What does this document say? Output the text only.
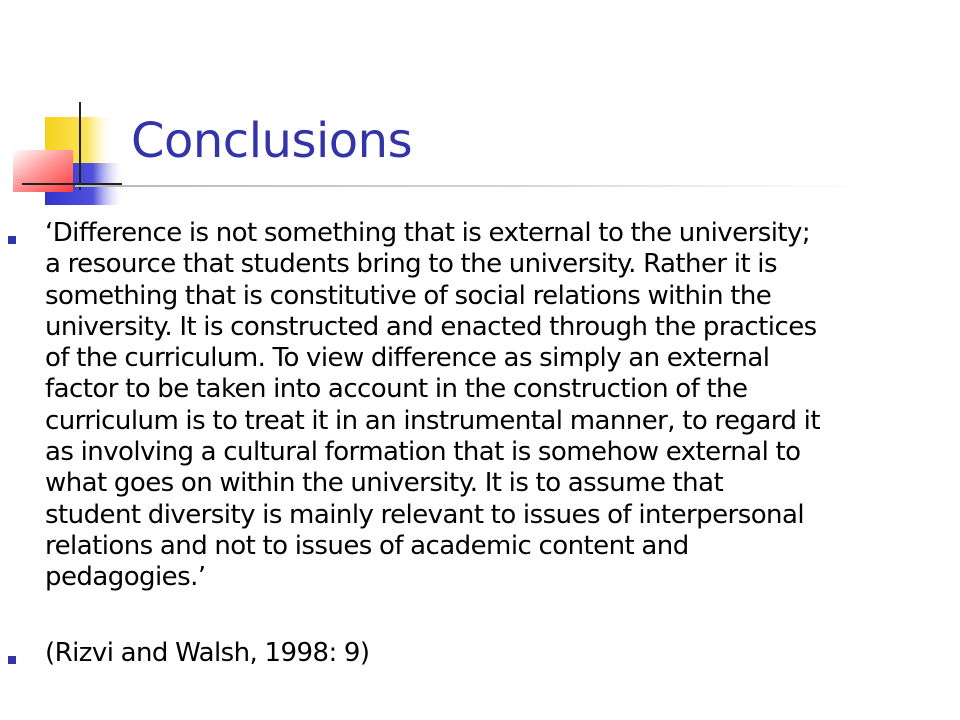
Conclusions
‘Difference is not something that is external to the university;
a resource that students bring to the university. Rather it is
something that is constitutive of social relations within the
university. It is constructed and enacted through the practices
of the curriculum. To view difference as simply an external
factor to be taken into account in the construction of the
curriculum is to treat it in an instrumental manner, to regard it
as involving a cultural formation that is somehow external to
what goes on within the university. It is to assume that
student diversity is mainly relevant to issues of interpersonal
relations and not to issues of academic content and
pedagogies.’
(Rizvi and Walsh, 1998: 9)
